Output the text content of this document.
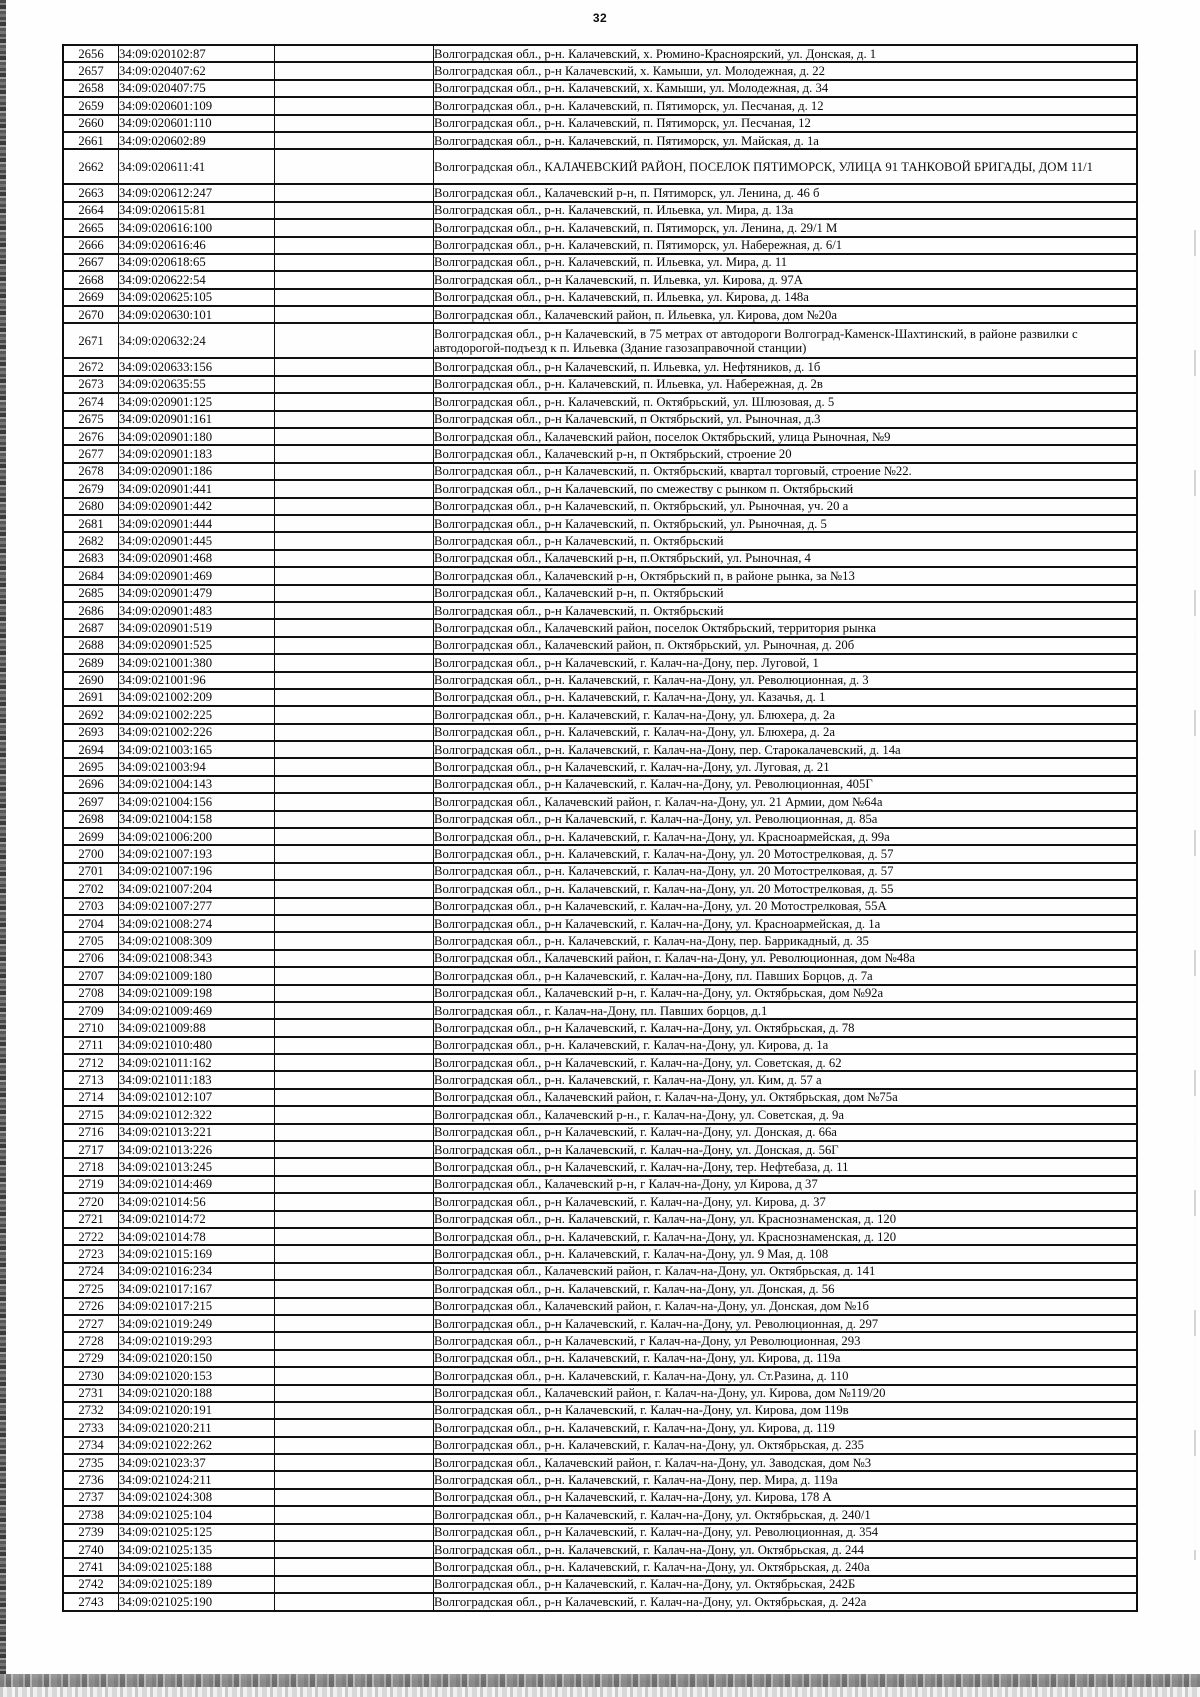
32
2656	34:09:020102:87		Волгоградская обл., р-н. Калачевский, х. Рюмино-Красноярский, ул. Донская, д. 1
2657	34:09:020407:62		Волгоградская обл., р-н Калачевский, х. Камыши, ул. Молодежная, д. 22
2658	34:09:020407:75		Волгоградская обл., р-н. Калачевский, х. Камыши, ул. Молодежная, д. 34
2659	34:09:020601:109		Волгоградская обл., р-н. Калачевский, п. Пятиморск, ул. Песчаная, д. 12
2660	34:09:020601:110		Волгоградская обл., р-н. Калачевский, п. Пятиморск, ул. Песчаная, 12
2661	34:09:020602:89		Волгоградская обл., р-н. Калачевский, п. Пятиморск, ул. Майская, д. 1а
2662	34:09:020611:41		Волгоградская обл., КАЛАЧЕВСКИЙ РАЙОН, ПОСЕЛОК ПЯТИМОРСК, УЛИЦА 91 ТАНКОВОЙ БРИГАДЫ, ДОМ 11/1
2663	34:09:020612:247		Волгоградская обл., Калачевский р-н, п. Пятиморск, ул. Ленина, д. 46 б
2664	34:09:020615:81		Волгоградская обл., р-н. Калачевский, п. Ильевка, ул. Мира, д. 13а
2665	34:09:020616:100		Волгоградская обл., р-н. Калачевский, п. Пятиморск, ул. Ленина, д. 29/1 М
2666	34:09:020616:46		Волгоградская обл., р-н. Калачевский, п. Пятиморск, ул. Набережная, д. 6/1
2667	34:09:020618:65		Волгоградская обл., р-н. Калачевский, п. Ильевка, ул. Мира, д. 11
2668	34:09:020622:54		Волгоградская обл., р-н Калачевский, п. Ильевка, ул. Кирова, д. 97А
2669	34:09:020625:105		Волгоградская обл., р-н. Калачевский, п. Ильевка, ул. Кирова, д. 148а
2670	34:09:020630:101		Волгоградская обл., Калачевский район, п. Ильевка, ул. Кирова, дом №20а
2671	34:09:020632:24		Волгоградская обл., р-н Калачевский, в 75 метрах от автодороги Волгоград-Каменск-Шахтинский, в районе развилки с автодорогой-подъезд к п. Ильевка (Здание газозаправочной станции)
2672	34:09:020633:156		Волгоградская обл., р-н Калачевский, п. Ильевка, ул. Нефтяников, д. 1б
2673	34:09:020635:55		Волгоградская обл., р-н. Калачевский, п. Ильевка, ул. Набережная, д. 2в
2674	34:09:020901:125		Волгоградская обл., р-н. Калачевский, п. Октябрьский, ул. Шлюзовая, д. 5
2675	34:09:020901:161		Волгоградская обл., р-н Калачевский, п Октябрьский, ул. Рыночная, д.3
2676	34:09:020901:180		Волгоградская обл., Калачевский район, поселок Октябрьский, улица Рыночная, №9
2677	34:09:020901:183		Волгоградская обл., Калачевский р-н, п Октябрьский, строение 20
2678	34:09:020901:186		Волгоградская обл., р-н Калачевский, п. Октябрьский, квартал торговый, строение №22.
2679	34:09:020901:441		Волгоградская обл., р-н Калачевский, по смежеству с рынком п. Октябрьский
2680	34:09:020901:442		Волгоградская обл., р-н Калачевский, п. Октябрьский, ул. Рыночная, уч. 20 а
2681	34:09:020901:444		Волгоградская обл., р-н Калачевский, п. Октябрьский, ул. Рыночная, д. 5
2682	34:09:020901:445		Волгоградская обл., р-н Калачевский, п. Октябрьский
2683	34:09:020901:468		Волгоградская обл., Калачевский р-н, п.Октябрьский, ул. Рыночная, 4
2684	34:09:020901:469		Волгоградская обл., Калачевский р-н, Октябрьский п, в районе рынка, за №13
2685	34:09:020901:479		Волгоградская обл., Калачевский р-н, п. Октябрьский
2686	34:09:020901:483		Волгоградская обл., р-н Калачевский, п. Октябрьский
2687	34:09:020901:519		Волгоградская обл., Калачевский район, поселок Октябрьский, территория рынка
2688	34:09:020901:525		Волгоградская обл., Калачевский район, п. Октябрьский, ул. Рыночная, д. 20б
2689	34:09:021001:380		Волгоградская обл., р-н Калачевский, г. Калач-на-Дону, пер. Луговой, 1
2690	34:09:021001:96		Волгоградская обл., р-н. Калачевский, г. Калач-на-Дону, ул. Революционная, д. 3
2691	34:09:021002:209		Волгоградская обл., р-н. Калачевский, г. Калач-на-Дону, ул. Казачья, д. 1
2692	34:09:021002:225		Волгоградская обл., р-н. Калачевский, г. Калач-на-Дону, ул. Блюхера, д. 2а
2693	34:09:021002:226		Волгоградская обл., р-н. Калачевский, г. Калач-на-Дону, ул. Блюхера, д. 2а
2694	34:09:021003:165		Волгоградская обл., р-н. Калачевский, г. Калач-на-Дону, пер. Старокалачевский, д. 14а
2695	34:09:021003:94		Волгоградская обл., р-н Калачевский, г. Калач-на-Дону, ул. Луговая, д. 21
2696	34:09:021004:143		Волгоградская обл., р-н Калачевский, г. Калач-на-Дону, ул. Революционная, 405Г
2697	34:09:021004:156		Волгоградская обл., Калачевский район, г. Калач-на-Дону, ул. 21 Армии, дом №64а
2698	34:09:021004:158		Волгоградская обл., р-н Калачевский, г. Калач-на-Дону, ул. Революционная, д. 85а
2699	34:09:021006:200		Волгоградская обл., р-н. Калачевский, г. Калач-на-Дону, ул. Красноармейская, д. 99а
2700	34:09:021007:193		Волгоградская обл., р-н. Калачевский, г. Калач-на-Дону, ул. 20 Мотострелковая, д. 57
2701	34:09:021007:196		Волгоградская обл., р-н. Калачевский, г. Калач-на-Дону, ул. 20 Мотострелковая, д. 57
2702	34:09:021007:204		Волгоградская обл., р-н. Калачевский, г. Калач-на-Дону, ул. 20 Мотострелковая, д. 55
2703	34:09:021007:277		Волгоградская обл., р-н Калачевский, г. Калач-на-Дону, ул. 20 Мотострелковая, 55А
2704	34:09:021008:274		Волгоградская обл., р-н Калачевский, г. Калач-на-Дону, ул. Красноармейская, д. 1а
2705	34:09:021008:309		Волгоградская обл., р-н. Калачевский, г. Калач-на-Дону, пер. Баррикадный, д. 35
2706	34:09:021008:343		Волгоградская обл., Калачевский район, г. Калач-на-Дону, ул. Революционная, дом №48а
2707	34:09:021009:180		Волгоградская обл., р-н Калачевский, г. Калач-на-Дону, пл. Павших Борцов, д. 7а
2708	34:09:021009:198		Волгоградская обл., Калачевский р-н, г. Калач-на-Дону, ул. Октябрьская, дом №92а
2709	34:09:021009:469		Волгоградская обл., г. Калач-на-Дону, пл. Павших борцов, д.1
2710	34:09:021009:88		Волгоградская обл., р-н Калачевский, г. Калач-на-Дону, ул. Октябрьская, д. 78
2711	34:09:021010:480		Волгоградская обл., р-н. Калачевский, г. Калач-на-Дону, ул. Кирова, д. 1а
2712	34:09:021011:162		Волгоградская обл., р-н Калачевский, г. Калач-на-Дону, ул. Советская, д. 62
2713	34:09:021011:183		Волгоградская обл., р-н. Калачевский, г. Калач-на-Дону, ул. Ким, д. 57 а
2714	34:09:021012:107		Волгоградская обл., Калачевский район, г. Калач-на-Дону, ул. Октябрьская, дом №75а
2715	34:09:021012:322		Волгоградская обл., Калачевский р-н., г. Калач-на-Дону, ул. Советская, д. 9а
2716	34:09:021013:221		Волгоградская обл., р-н Калачевский, г. Калач-на-Дону, ул. Донская, д. 66а
2717	34:09:021013:226		Волгоградская обл., р-н Калачевский, г. Калач-на-Дону, ул. Донская, д. 56Г
2718	34:09:021013:245		Волгоградская обл., р-н Калачевский, г. Калач-на-Дону, тер. Нефтебаза, д. 11
2719	34:09:021014:469		Волгоградская обл., Калачевский р-н, г Калач-на-Дону, ул Кирова, д 37
2720	34:09:021014:56		Волгоградская обл., р-н Калачевский, г. Калач-на-Дону, ул. Кирова, д. 37
2721	34:09:021014:72		Волгоградская обл., р-н. Калачевский, г. Калач-на-Дону, ул. Краснознаменская, д. 120
2722	34:09:021014:78		Волгоградская обл., р-н. Калачевский, г. Калач-на-Дону, ул. Краснознаменская, д. 120
2723	34:09:021015:169		Волгоградская обл., р-н. Калачевский, г. Калач-на-Дону, ул. 9 Мая, д. 108
2724	34:09:021016:234		Волгоградская обл., Калачевский район, г. Калач-на-Дону, ул. Октябрьская, д. 141
2725	34:09:021017:167		Волгоградская обл., р-н. Калачевский, г. Калач-на-Дону, ул. Донская, д. 56
2726	34:09:021017:215		Волгоградская обл., Калачевский район, г. Калач-на-Дону, ул. Донская, дом №1б
2727	34:09:021019:249		Волгоградская обл., р-н Калачевский, г. Калач-на-Дону, ул. Революционная, д. 297
2728	34:09:021019:293		Волгоградская обл., р-н Калачевский, г Калач-на-Дону, ул Революционная, 293
2729	34:09:021020:150		Волгоградская обл., р-н. Калачевский, г. Калач-на-Дону, ул. Кирова, д. 119а
2730	34:09:021020:153		Волгоградская обл., р-н. Калачевский, г. Калач-на-Дону, ул. Ст.Разина, д. 110
2731	34:09:021020:188		Волгоградская обл., Калачевский район, г. Калач-на-Дону, ул. Кирова, дом №119/20
2732	34:09:021020:191		Волгоградская обл., р-н Калачевский, г. Калач-на-Дону, ул. Кирова, дом 119в
2733	34:09:021020:211		Волгоградская обл., р-н. Калачевский, г. Калач-на-Дону, ул. Кирова, д. 119
2734	34:09:021022:262		Волгоградская обл., р-н. Калачевский, г. Калач-на-Дону, ул. Октябрьская, д. 235
2735	34:09:021023:37		Волгоградская обл., Калачевский район, г. Калач-на-Дону, ул. Заводская, дом №3
2736	34:09:021024:211		Волгоградская обл., р-н. Калачевский, г. Калач-на-Дону, пер. Мира, д. 119а
2737	34:09:021024:308		Волгоградская обл., р-н Калачевский, г. Калач-на-Дону, ул. Кирова, 178 А
2738	34:09:021025:104		Волгоградская обл., р-н Калачевский, г. Калач-на-Дону, ул. Октябрьская, д. 240/1
2739	34:09:021025:125		Волгоградская обл., р-н Калачевский, г. Калач-на-Дону, ул. Революционная, д. 354
2740	34:09:021025:135		Волгоградская обл., р-н. Калачевский, г. Калач-на-Дону, ул. Октябрьская, д. 244
2741	34:09:021025:188		Волгоградская обл., р-н. Калачевский, г. Калач-на-Дону, ул. Октябрьская, д. 240а
2742	34:09:021025:189		Волгоградская обл., р-н Калачевский, г. Калач-на-Дону, ул. Октябрьская, 242Б
2743	34:09:021025:190		Волгоградская обл., р-н Калачевский, г. Калач-на-Дону, ул. Октябрьская, д. 242а
